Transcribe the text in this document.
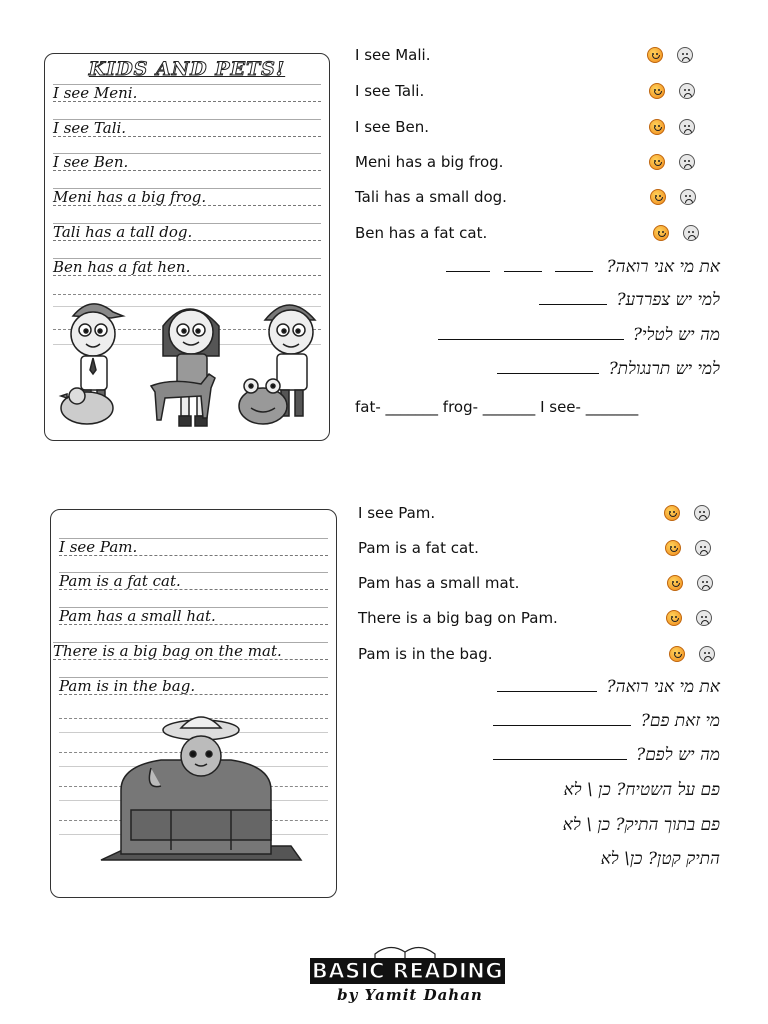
KIDS AND PETS!
I see Meni.
I see Tali.
I see Ben.
Meni has a big frog.
Tali has a tall dog.
Ben has a fat hen.
I see Mali.
I see Tali.
I see Ben.
Meni has a big frog.
Tali has a small dog.
Ben has a fat cat.
את מי אני רואה?
למי יש צפרדע?
מה יש לטלי?
למי יש תרנגולת?
fat- _______ frog- _______ I see- _______
I see Pam.
Pam is a fat cat.
Pam has a small hat.
There is a big bag on the mat.
Pam is in the bag.
I see Pam.
Pam is a fat cat.
Pam has a small mat.
There is a big bag on Pam.
Pam is in the bag.
את מי אני רואה?
מי זאת פם?
מה יש לפם?
פם על השטיח? כן \ לא
פם בתוך התיק? כן \ לא
התיק קטן? כן\ לא
BASIC READING
by Yamit Dahan
